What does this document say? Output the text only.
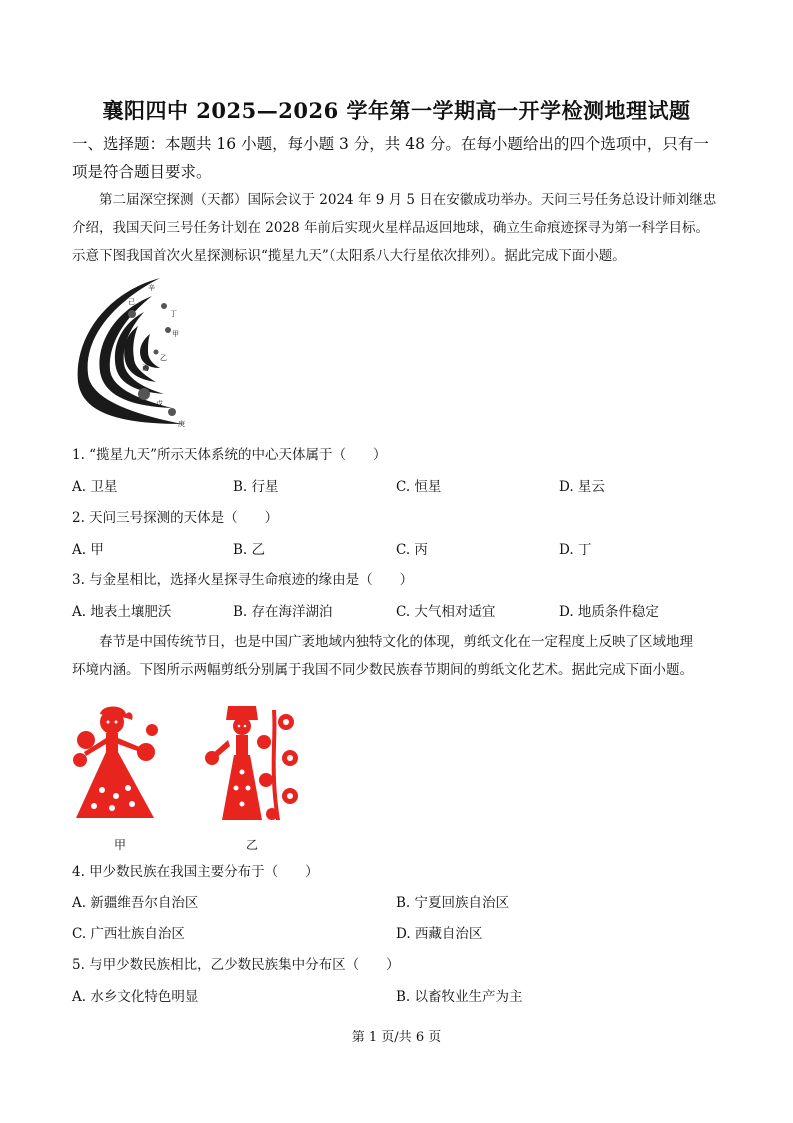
襄阳四中 2025—2026 学年第一学期高一开学检测地理试题
一、选择题：本题共 16 小题，每小题 3 分，共 48 分。在每小题给出的四个选项中，只有一
项是符合题目要求。
第二届深空探测（天都）国际会议于 2024 年 9 月 5 日在安徽成功举办。天问三号任务总设计师刘继忠
介绍，我国天问三号任务计划在 2028 年前后实现火星样品返回地球，确立生命痕迹探寻为第一科学目标。
示意下图我国首次火星探测标识“揽星九天”（太阳系八大行星依次排列）。据此完成下面小题。
辛
己
丁
甲
乙
丙
戊
庚
1. “揽星九天”所示天体系统的中心天体属于（　　）
A. 卫星	B. 行星	C. 恒星	D. 星云
2. 天问三号探测的天体是（　　）
A. 甲	B. 乙	C. 丙	D. 丁
3. 与金星相比，选择火星探寻生命痕迹的缘由是（　　）
A. 地表土壤肥沃	B. 存在海洋湖泊	C. 大气相对适宜	D. 地质条件稳定
春节是中国传统节日，也是中国广袤地域内独特文化的体现，剪纸文化在一定程度上反映了区域地理
环境内涵。下图所示两幅剪纸分别属于我国不同少数民族春节期间的剪纸文化艺术。据此完成下面小题。
甲	乙
4. 甲少数民族在我国主要分布于（　　）
A. 新疆维吾尔自治区	B. 宁夏回族自治区
C. 广西壮族自治区	D. 西藏自治区
5. 与甲少数民族相比，乙少数民族集中分布区（　　）
A. 水乡文化特色明显	B. 以畜牧业生产为主
第 1 页/共 6 页
